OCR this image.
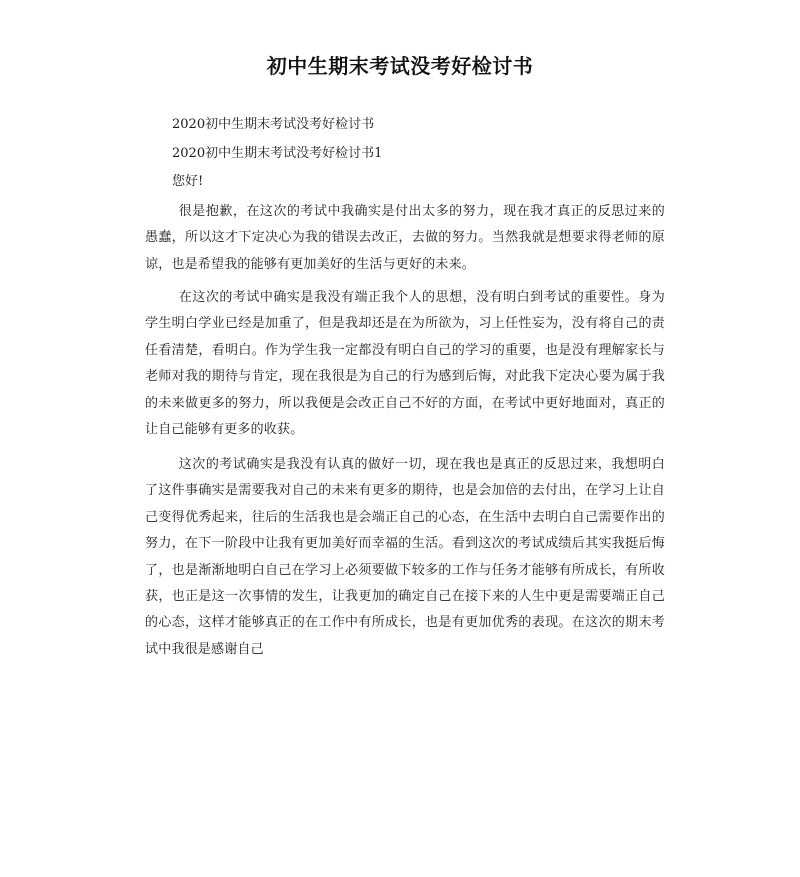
初中生期末考试没考好检讨书
2020初中生期末考试没考好检讨书
2020初中生期末考试没考好检讨书1
您好!

很是抱歉，在这次的考试中我确实是付出太多的努力，现在我才真正的反思过来的愚蠢，所以这才下定决心为我的错误去改正，去做的努力。当然我就是想要求得老师的原谅，也是希望我的能够有更加美好的生活与更好的未来。

在这次的考试中确实是我没有端正我个人的思想，没有明白到考试的重要性。身为学生明白学业已经是加重了，但是我却还是在为所欲为，习上任性妄为，没有将自己的责任看清楚，看明白。作为学生我一定都没有明白自己的学习的重要，也是没有理解家长与老师对我的期待与肯定，现在我很是为自己的行为感到后悔，对此我下定决心要为属于我的未来做更多的努力，所以我便是会改正自己不好的方面，在考试中更好地面对，真正的让自己能够有更多的收获。

这次的考试确实是我没有认真的做好一切，现在我也是真正的反思过来，我想明白了这件事确实是需要我对自己的未来有更多的期待，也是会加倍的去付出，在学习上让自己变得优秀起来，往后的生活我也是会端正自己的心态，在生活中去明白自己需要作出的努力，在下一阶段中让我有更加美好而幸福的生活。看到这次的考试成绩后其实我挺后悔了，也是渐渐地明白自己在学习上必须要做下较多的工作与任务才能够有所成长，有所收获，也正是这一次事情的发生，让我更加的确定自己在接下来的人生中更是需要端正自己的心态，这样才能够真正的在工作中有所成长，也是有更加优秀的表现。在这次的期末考试中我很是感谢自己
